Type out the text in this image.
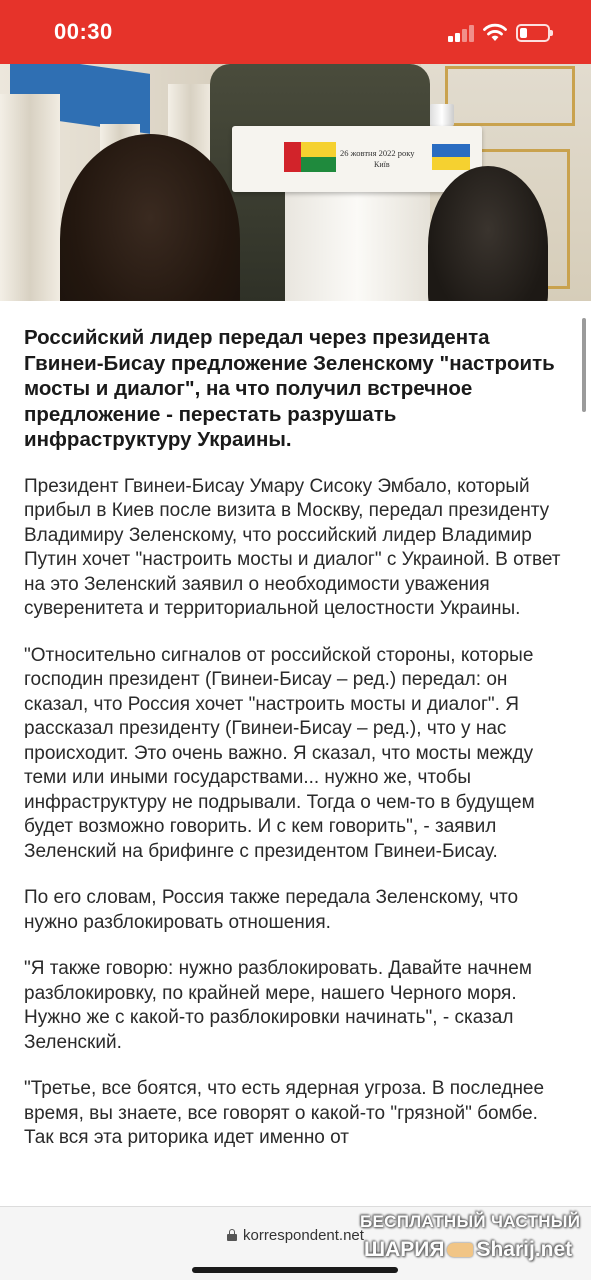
00:30
26 жовтня 2022 року
Київ
Российский лидер передал через президента Гвинеи-Бисау предложение Зеленскому "настроить мосты и диалог", на что получил встречное предложение - перестать разрушать инфраструктуру Украины.

Президент Гвинеи-Бисау Умару Сисоку Эмбало, который прибыл в Киев после визита в Москву, передал президенту Владимиру Зеленскому, что российский лидер Владимир Путин хочет "настроить мосты и диалог" с Украиной. В ответ на это Зеленский заявил о необходимости уважения суверенитета и территориальной целостности Украины.

"Относительно сигналов от российской стороны, которые господин президент (Гвинеи-Бисау – ред.) передал: он сказал, что Россия хочет "настроить мосты и диалог". Я рассказал президенту (Гвинеи-Бисау – ред.), что у нас происходит. Это очень важно. Я сказал, что мосты между теми или иными государствами... нужно же, чтобы инфраструктуру не подрывали. Тогда о чем-то в будущем будет возможно говорить. И с кем говорить", - заявил Зеленский на брифинге с президентом Гвинеи-Бисау.

По его словам, Россия также передала Зеленскому, что нужно разблокировать отношения.

"Я также говорю: нужно разблокировать. Давайте начнем разблокировку, по крайней мере, нашего Черного моря. Нужно же с какой-то разблокировки начинать", - сказал Зеленский.

"Третье, все боятся, что есть ядерная угроза. В последнее время, вы знаете, все говорят о какой-то "грязной" бомбе. Так вся эта риторика идет именно от

korrespondent.net
БЕСПЛАТНЫЙ ЧАСТНЫЙ
ШАРИЯ Sharij.net
